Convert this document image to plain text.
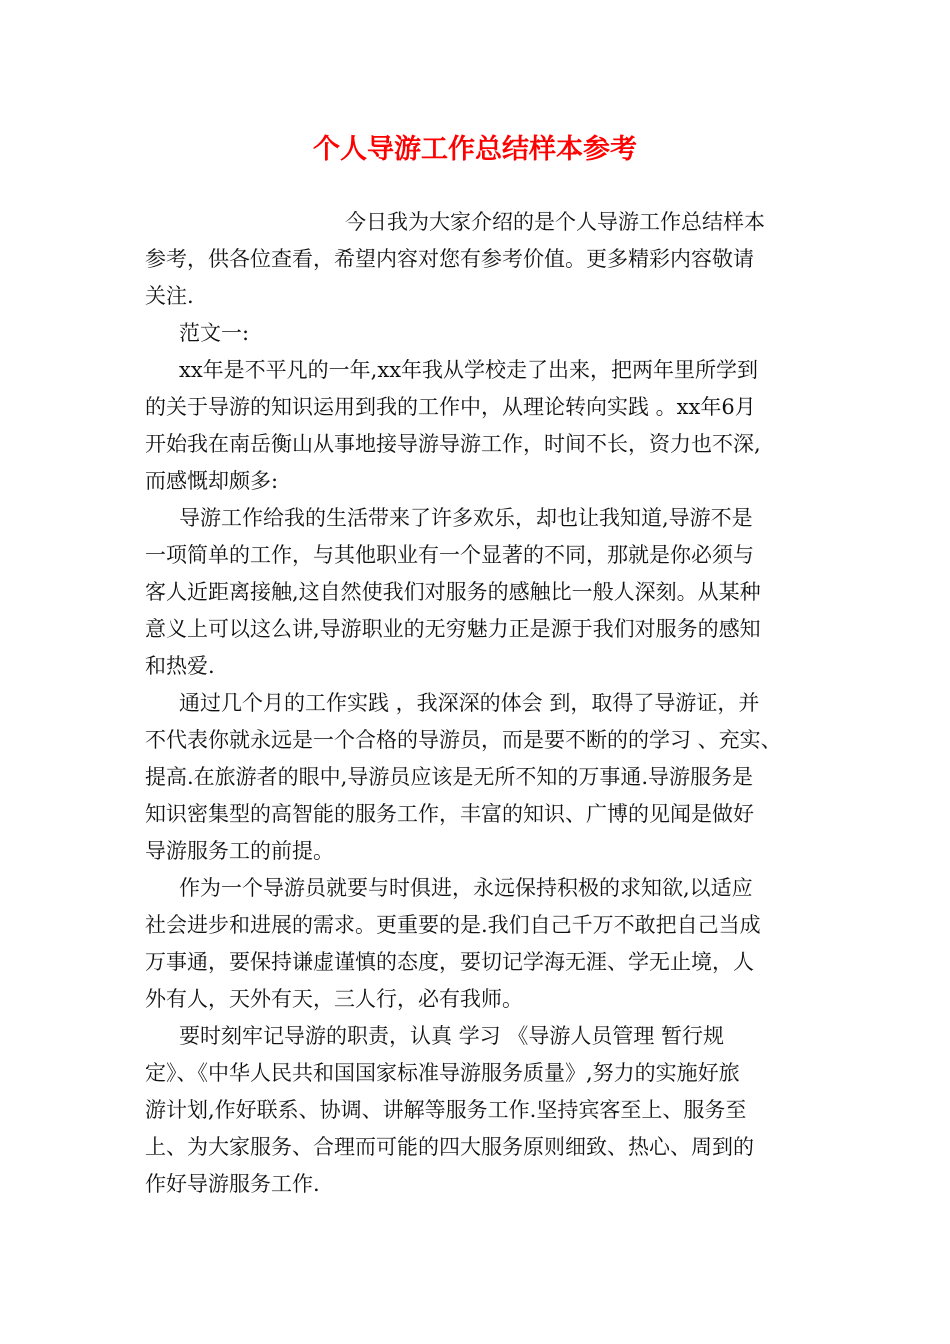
个人导游工作总结样本参考
今日我为大家介绍的是个人导游工作总结样本
参考，供各位查看，希望内容对您有参考价值。更多精彩内容敬请
关注.
范文一:
xx年是不平凡的一年,xx年我从学校走了出来，把两年里所学到
的关于导游的知识运用到我的工作中，从理论转向实践 。xx年6月
开始我在南岳衡山从事地接导游导游工作，时间不长，资力也不深,
而感慨却颇多:
导游工作给我的生活带来了许多欢乐，却也让我知道,导游不是
一项简单的工作，与其他职业有一个显著的不同，那就是你必须与
客人近距离接触,这自然使我们对服务的感触比一般人深刻。从某种
意义上可以这么讲,导游职业的无穷魅力正是源于我们对服务的感知
和热爱.
通过几个月的工作实践 ，我深深的体会 到，取得了导游证，并
不代表你就永远是一个合格的导游员，而是要不断的的学习 、充实、
提高.在旅游者的眼中,导游员应该是无所不知的万事通.导游服务是
知识密集型的高智能的服务工作，丰富的知识、广博的见闻是做好
导游服务工的前提。
作为一个导游员就要与时俱进，永远保持积极的求知欲,以适应
社会进步和进展的需求。更重要的是.我们自己千万不敢把自己当成
万事通，要保持谦虚谨慎的态度，要切记学海无涯、学无止境，人
外有人，天外有天，三人行，必有我师。
要时刻牢记导游的职责，认真 学习 《导游人员管理 暂行规
定》、《中华人民共和国国家标准导游服务质量》,努力的实施好旅
游计划,作好联系、协调、讲解等服务工作.坚持宾客至上、服务至
上、为大家服务、合理而可能的四大服务原则细致、热心、周到的
作好导游服务工作.
